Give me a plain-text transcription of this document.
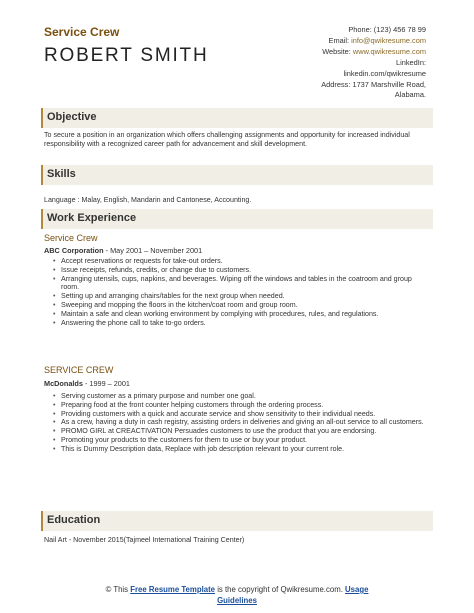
Service Crew
ROBERT SMITH
Phone: (123) 456 78 99
Email: info@qwikresume.com
Website: www.qwikresume.com
LinkedIn:
linkedin.com/qwikresume
Address: 1737 Marshville Road,
Alabama.
Objective
To secure a position in an organization which offers challenging assignments and opportunity for increased individual responsibility with a recognized career path for advancement and skill development.
Skills
Language : Malay, English, Mandarin and Cantonese, Accounting.
Work Experience
Service Crew
ABC Corporation - May 2001 – November 2001
• Accept reservations or requests for take-out orders.
• Issue receipts, refunds, credits, or change due to customers.
• Arranging utensils, cups, napkins, and beverages. Wiping off the windows and tables in the coatroom and group room.
• Setting up and arranging chairs/tables for the next group when needed.
• Sweeping and mopping the floors in the kitchen/coat room and group room.
• Maintain a safe and clean working environment by complying with procedures, rules, and regulations.
• Answering the phone call to take to-go orders.
SERVICE CREW
McDonalds - 1999 – 2001
• Serving customer as a primary purpose and number one goal.
• Preparing food at the front counter helping customers through the ordering process.
• Providing customers with a quick and accurate service and show sensitivity to their individual needs.
• As a crew, having a duty in cash registry, assisting orders in deliveries and giving an all-out service to all customers.
• PROMO GIRL at CREACTIVATION Persuades customers to use the product that you are endorsing.
• Promoting your products to the customers for them to use or buy your product.
• This is Dummy Description data, Replace with job description relevant to your current role.
Education
Nail Art - November 2015(Tajmeel International Training Center)
© This Free Resume Template is the copyright of Qwikresume.com. Usage
Guidelines
